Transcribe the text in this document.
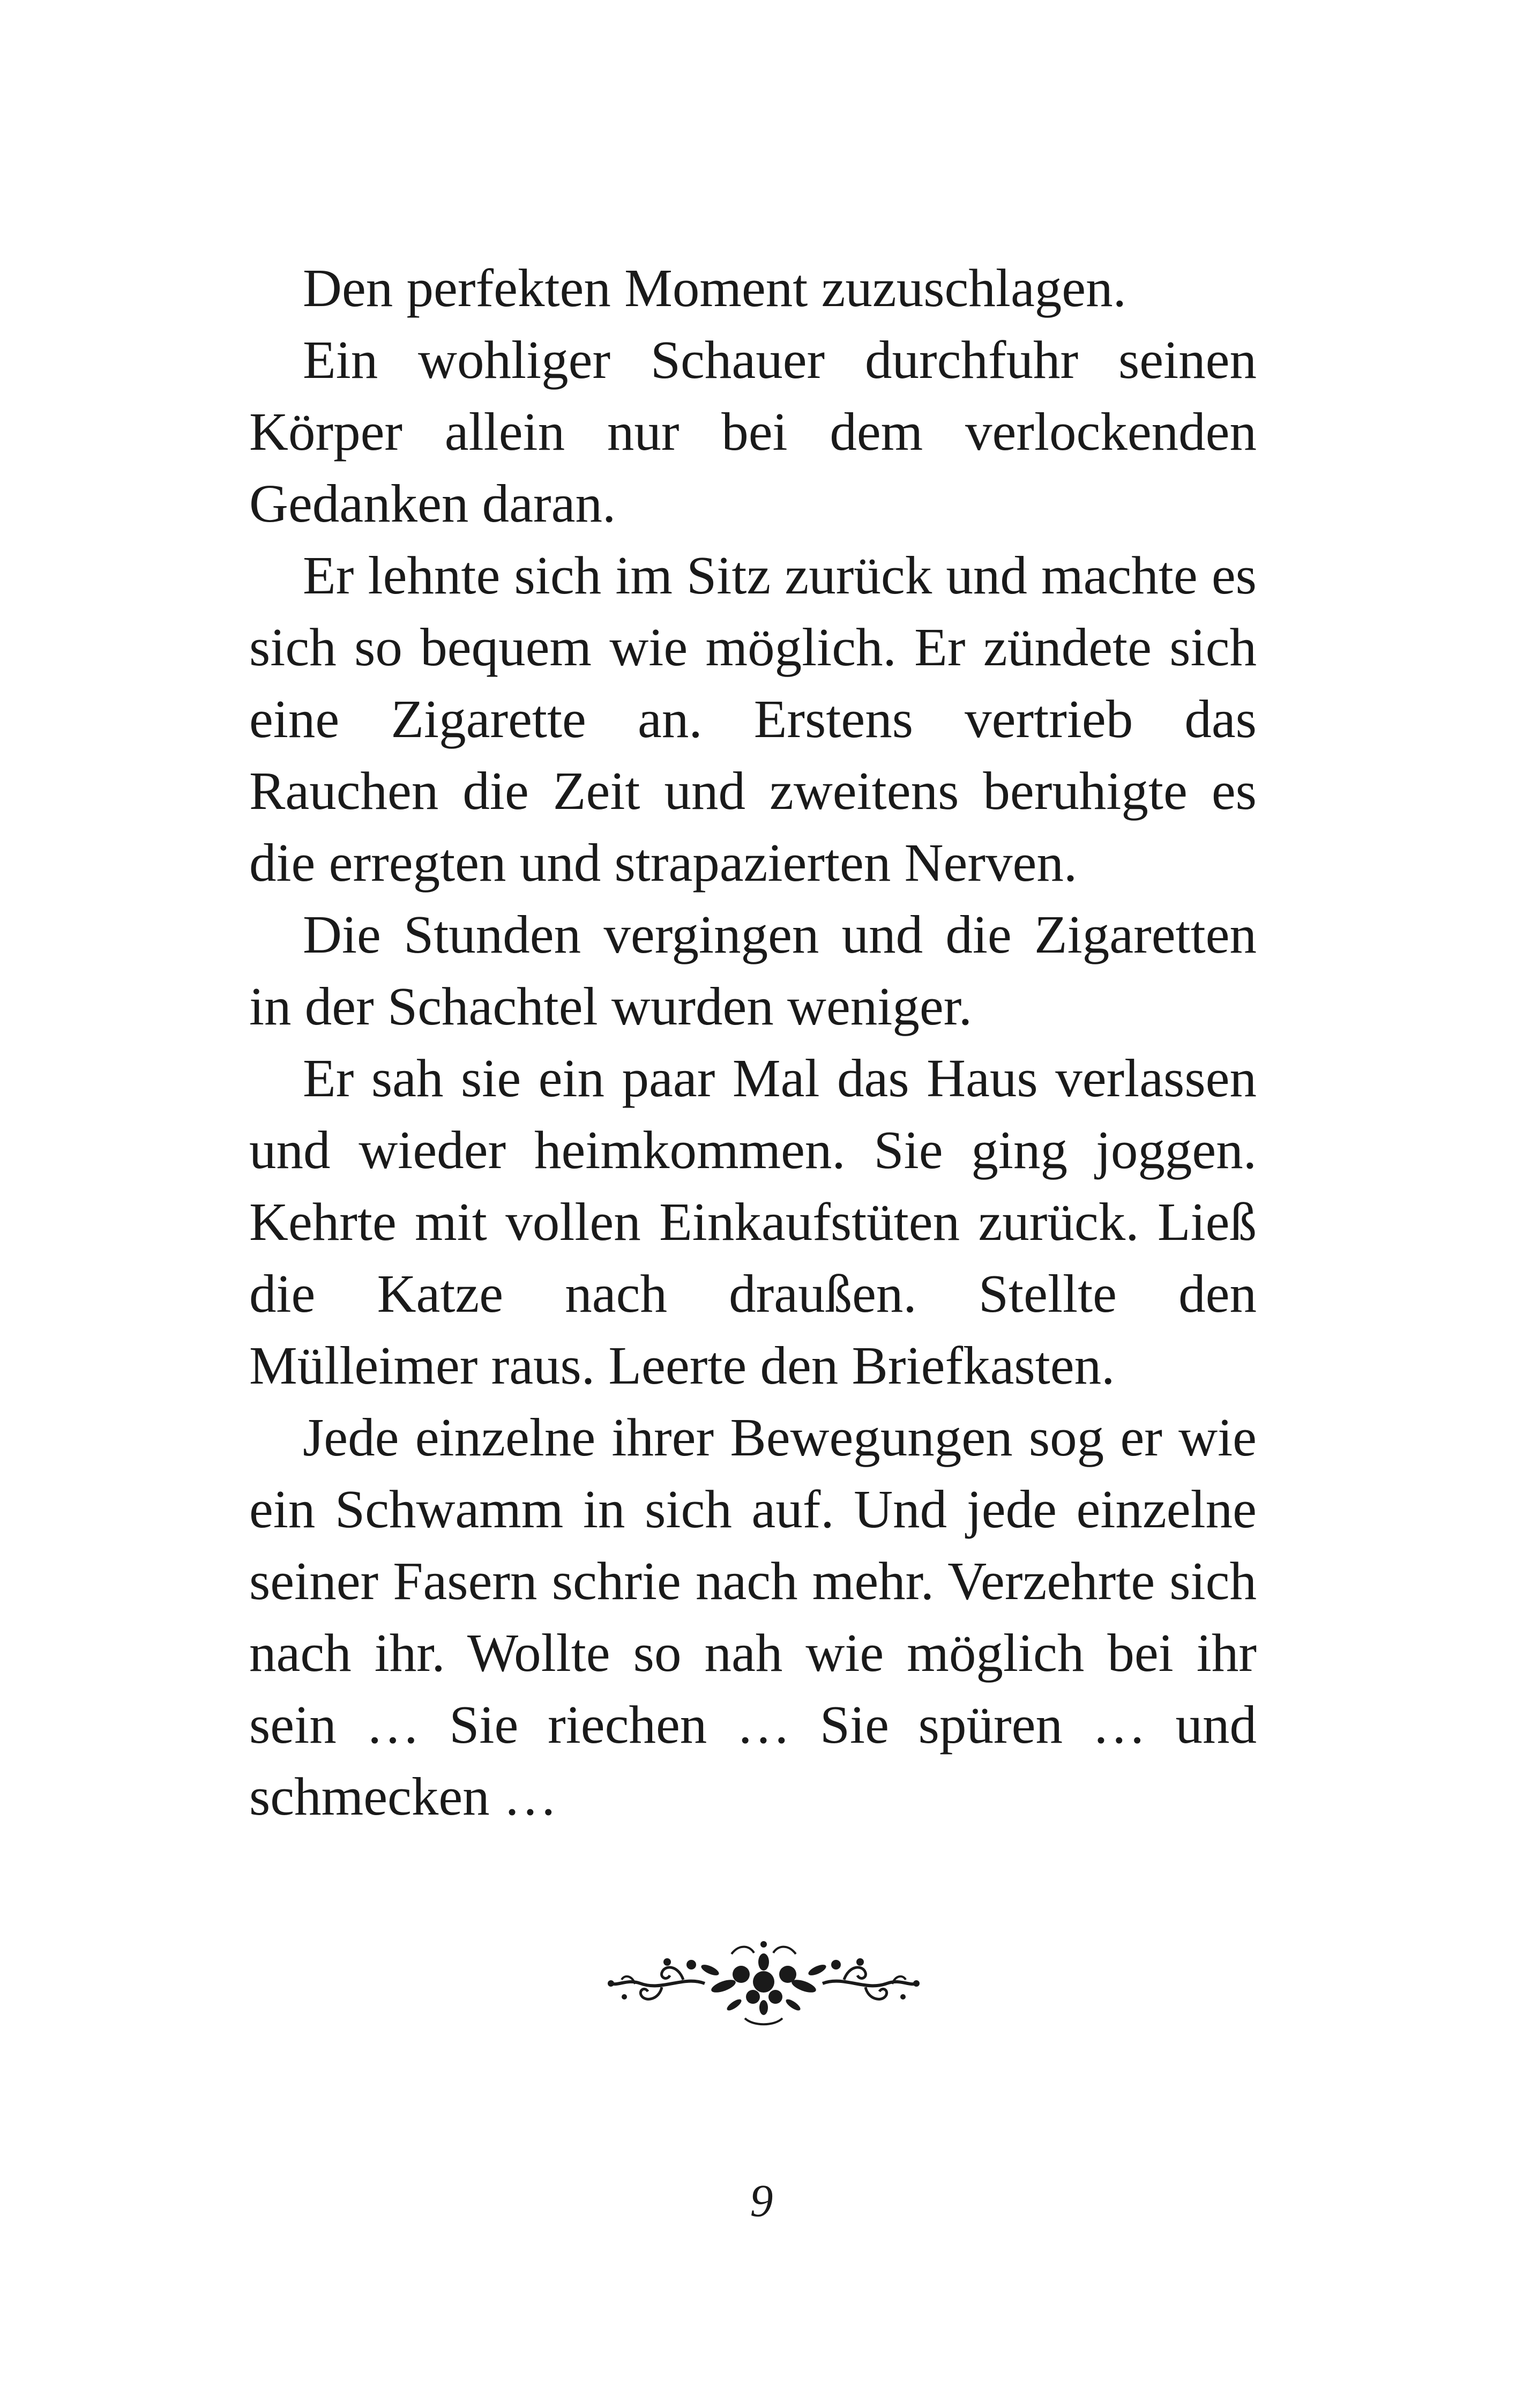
Den perfekten Moment zuzuschlagen.

Ein wohliger Schauer durchfuhr seinen Körper allein nur bei dem verlockenden Gedanken daran.

Er lehnte sich im Sitz zurück und machte es sich so bequem wie möglich. Er zündete sich eine Zigarette an. Erstens vertrieb das Rauchen die Zeit und zweitens beruhigte es die erregten und strapazierten Nerven.

Die Stunden vergingen und die Zigaretten in der Schachtel wurden weniger.

Er sah sie ein paar Mal das Haus verlassen und wieder heimkommen. Sie ging joggen. Kehrte mit vollen Einkaufstüten zurück. Ließ die Katze nach draußen. Stellte den Mülleimer raus. Leerte den Briefkasten.

Jede einzelne ihrer Bewegungen sog er wie ein Schwamm in sich auf. Und jede einzelne seiner Fasern schrie nach mehr. Verzehrte sich nach ihr. Wollte so nah wie möglich bei ihr sein … Sie riechen … Sie spüren … und schmecken …

9
